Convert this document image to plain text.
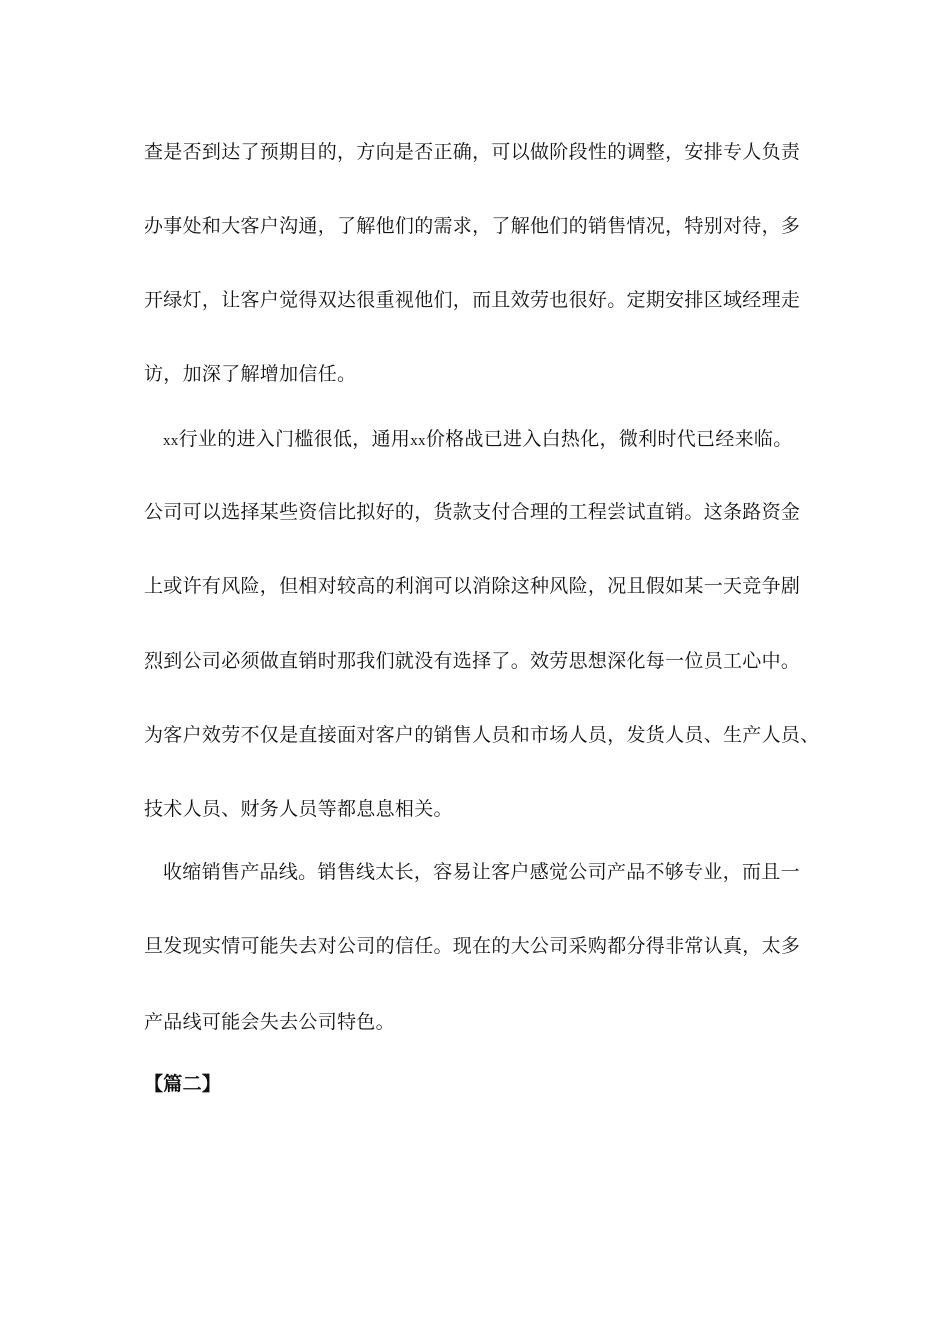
查是否到达了预期目的，方向是否正确，可以做阶段性的调整，安排专人负责
办事处和大客户沟通，了解他们的需求，了解他们的销售情况，特别对待，多
开绿灯，让客户觉得双达很重视他们，而且效劳也很好。定期安排区域经理走
访，加深了解增加信任。
xx行业的进入门槛很低，通用xx价格战已进入白热化，微利时代已经来临。
公司可以选择某些资信比拟好的，货款支付合理的工程尝试直销。这条路资金
上或许有风险，但相对较高的利润可以消除这种风险，况且假如某一天竞争剧
烈到公司必须做直销时那我们就没有选择了。效劳思想深化每一位员工心中。
为客户效劳不仅是直接面对客户的销售人员和市场人员，发货人员、生产人员、
技术人员、财务人员等都息息相关。
收缩销售产品线。销售线太长，容易让客户感觉公司产品不够专业，而且一
旦发现实情可能失去对公司的信任。现在的大公司采购都分得非常认真，太多
产品线可能会失去公司特色。
【篇二】
